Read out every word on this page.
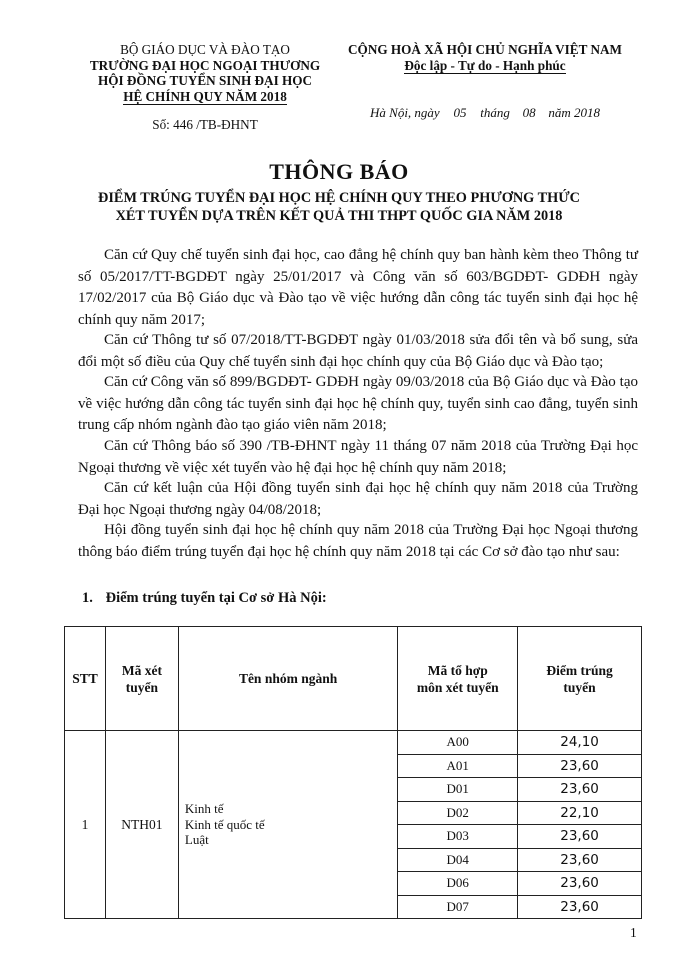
BỘ GIÁO DỤC VÀ ĐÀO TẠO
TRƯỜNG ĐẠI HỌC NGOẠI THƯƠNG
HỘI ĐỒNG TUYỂN SINH ĐẠI HỌC
HỆ CHÍNH QUY NĂM 2018
Số: 446 /TB-ĐHNT
CỘNG HOÀ XÃ HỘI CHỦ NGHĨA VIỆT NAM
Độc lập - Tự do - Hạnh phúc
Hà Nội, ngày 05 tháng 08 năm 2018
THÔNG BÁO
ĐIỂM TRÚNG TUYỂN ĐẠI HỌC HỆ CHÍNH QUY THEO PHƯƠNG THỨC
XÉT TUYỂN DỰA TRÊN KẾT QUẢ THI THPT QUỐC GIA NĂM 2018
Căn cứ Quy chế tuyển sinh đại học, cao đẳng hệ chính quy ban hành kèm theo Thông tư số 05/2017/TT-BGDĐT ngày 25/01/2017 và Công văn số 603/BGDĐT- GDĐH ngày 17/02/2017 của Bộ Giáo dục và Đào tạo về việc hướng dẫn công tác tuyển sinh đại học hệ chính quy năm 2017;
Căn cứ Thông tư số 07/2018/TT-BGDĐT ngày 01/03/2018 sửa đổi tên và bổ sung, sửa đổi một số điều của Quy chế tuyển sinh đại học chính quy của Bộ Giáo dục và Đào tạo;
Căn cứ Công văn số 899/BGDĐT- GDĐH ngày 09/03/2018 của Bộ Giáo dục và Đào tạo về việc hướng dẫn công tác tuyển sinh đại học hệ chính quy, tuyển sinh cao đẳng, tuyển sinh trung cấp nhóm ngành đào tạo giáo viên năm 2018;
Căn cứ Thông báo số 390 /TB-ĐHNT ngày 11 tháng 07 năm 2018 của Trường Đại học Ngoại thương về việc xét tuyển vào hệ đại học hệ chính quy năm 2018;
Căn cứ kết luận của Hội đồng tuyển sinh đại học hệ chính quy năm 2018 của Trường Đại học Ngoại thương ngày 04/08/2018;
Hội đồng tuyển sinh đại học hệ chính quy năm 2018 của Trường Đại học Ngoại thương thông báo điểm trúng tuyển đại học hệ chính quy năm 2018 tại các Cơ sở đào tạo như sau:
1. Điểm trúng tuyển tại Cơ sở Hà Nội:
STT	Mã xét tuyển	Tên nhóm ngành	Mã tổ hợp môn xét tuyển	Điểm trúng tuyển
1	NTH01	Kinh tế
Kinh tế quốc tế
Luật	A00	24,10
			A01	23,60
			D01	23,60
			D02	22,10
			D03	23,60
			D04	23,60
			D06	23,60
			D07	23,60
1
